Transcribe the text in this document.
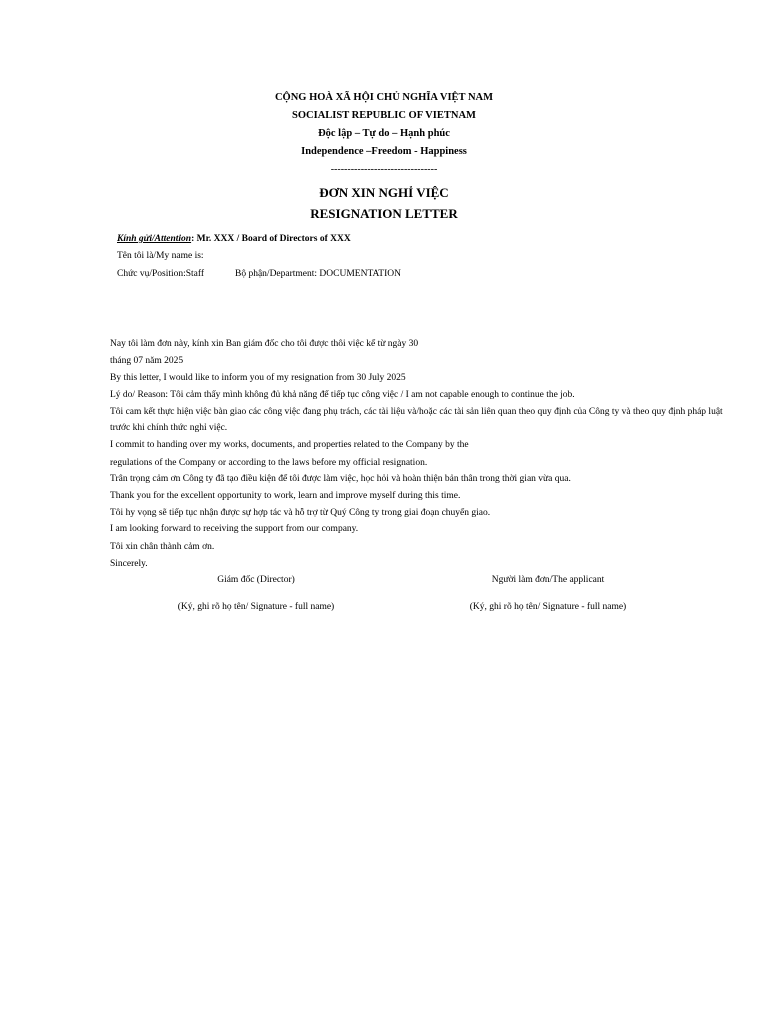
CỘNG HOÀ XÃ HỘI CHỦ NGHĨA VIỆT NAM
SOCIALIST REPUBLIC OF VIETNAM
Độc lập – Tự do – Hạnh phúc
Independence –Freedom - Happiness
--------------------------------
ĐƠN XIN NGHỈ VIỆC
RESIGNATION LETTER
Kính gửi/Attention: Mr. XXX / Board of Directors of XXX
Tên tôi là/My name is:
Chức vụ/Position:Staff	Bộ phận/Department: DOCUMENTATION
Nay tôi làm đơn này, kính xin Ban giám đốc cho tôi được thôi việc kể từ ngày 30
tháng 07 năm 2025
By this letter, I would like to inform you of my resignation from 30 July 2025
Lý do/ Reason: Tôi cảm thấy mình không đủ khả năng để tiếp tục công việc / I am not capable enough to continue the job.
Tôi cam kết thực hiện việc bàn giao các công việc đang phụ trách, các tài liệu và/hoặc các tài sản liên quan theo quy định của Công ty và theo quy định pháp luật
trước khi chính thức nghỉ việc.
I commit to handing over my works, documents, and properties related to the Company by the
regulations of the Company or according to the laws before my official resignation.
Trân trọng cảm ơn Công ty đã tạo điều kiện để tôi được làm việc, học hỏi và hoàn thiện bản thân trong thời gian vừa qua.
Thank you for the excellent opportunity to work, learn and improve myself during this time.
Tôi hy vọng sẽ tiếp tục nhận được sự hợp tác và hỗ trợ từ Quý Công ty trong giai đoạn chuyển giao.
I am looking forward to receiving the support from our company.
Tôi xin chân thành cảm ơn.
Sincerely.
Giám đốc (Director)
(Ký, ghi rõ họ tên/ Signature - full name)
Người làm đơn/The applicant
(Ký, ghi rõ họ tên/ Signature - full name)
